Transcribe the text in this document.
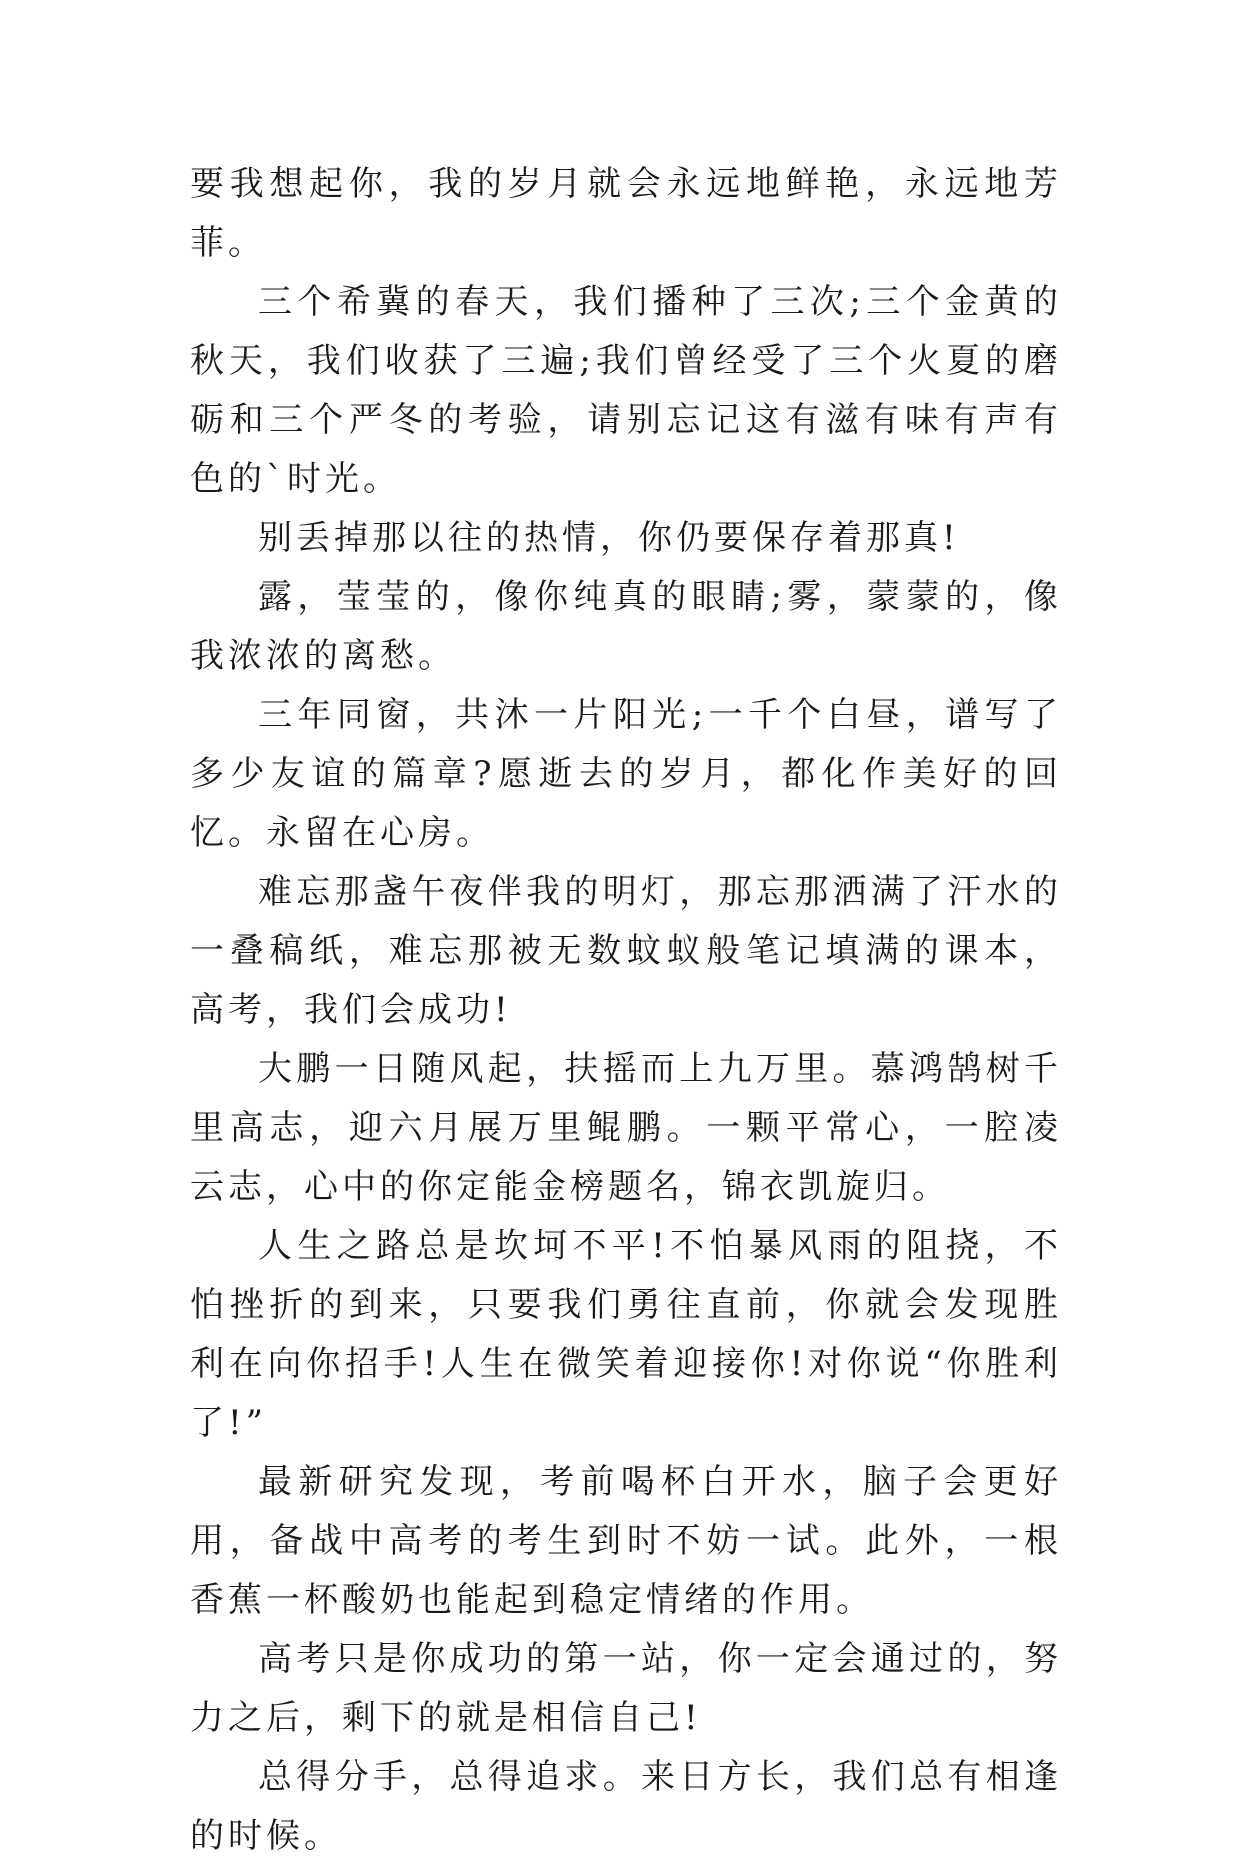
要我想起你，我的岁月就会永远地鲜艳，永远地芳菲。

三个希冀的春天，我们播种了三次;三个金黄的秋天，我们收获了三遍;我们曾经受了三个火夏的磨砺和三个严冬的考验，请别忘记这有滋有味有声有色的`时光。

别丢掉那以往的热情，你仍要保存着那真!

露，莹莹的，像你纯真的眼睛;雾，蒙蒙的，像我浓浓的离愁。

三年同窗，共沐一片阳光;一千个白昼，谱写了多少友谊的篇章?愿逝去的岁月，都化作美好的回忆。永留在心房。

难忘那盏午夜伴我的明灯，那忘那洒满了汗水的一叠稿纸，难忘那被无数蚊蚁般笔记填满的课本，高考，我们会成功!

大鹏一日随风起，扶摇而上九万里。慕鸿鹄树千里高志，迎六月展万里鲲鹏。一颗平常心，一腔凌云志，心中的你定能金榜题名，锦衣凯旋归。

人生之路总是坎坷不平!不怕暴风雨的阻挠，不怕挫折的到来，只要我们勇往直前，你就会发现胜利在向你招手!人生在微笑着迎接你!对你说“你胜利了!”

最新研究发现，考前喝杯白开水，脑子会更好用，备战中高考的考生到时不妨一试。此外，一根香蕉一杯酸奶也能起到稳定情绪的作用。

高考只是你成功的第一站，你一定会通过的，努力之后，剩下的就是相信自己!

总得分手，总得追求。来日方长，我们总有相逢的时候。
